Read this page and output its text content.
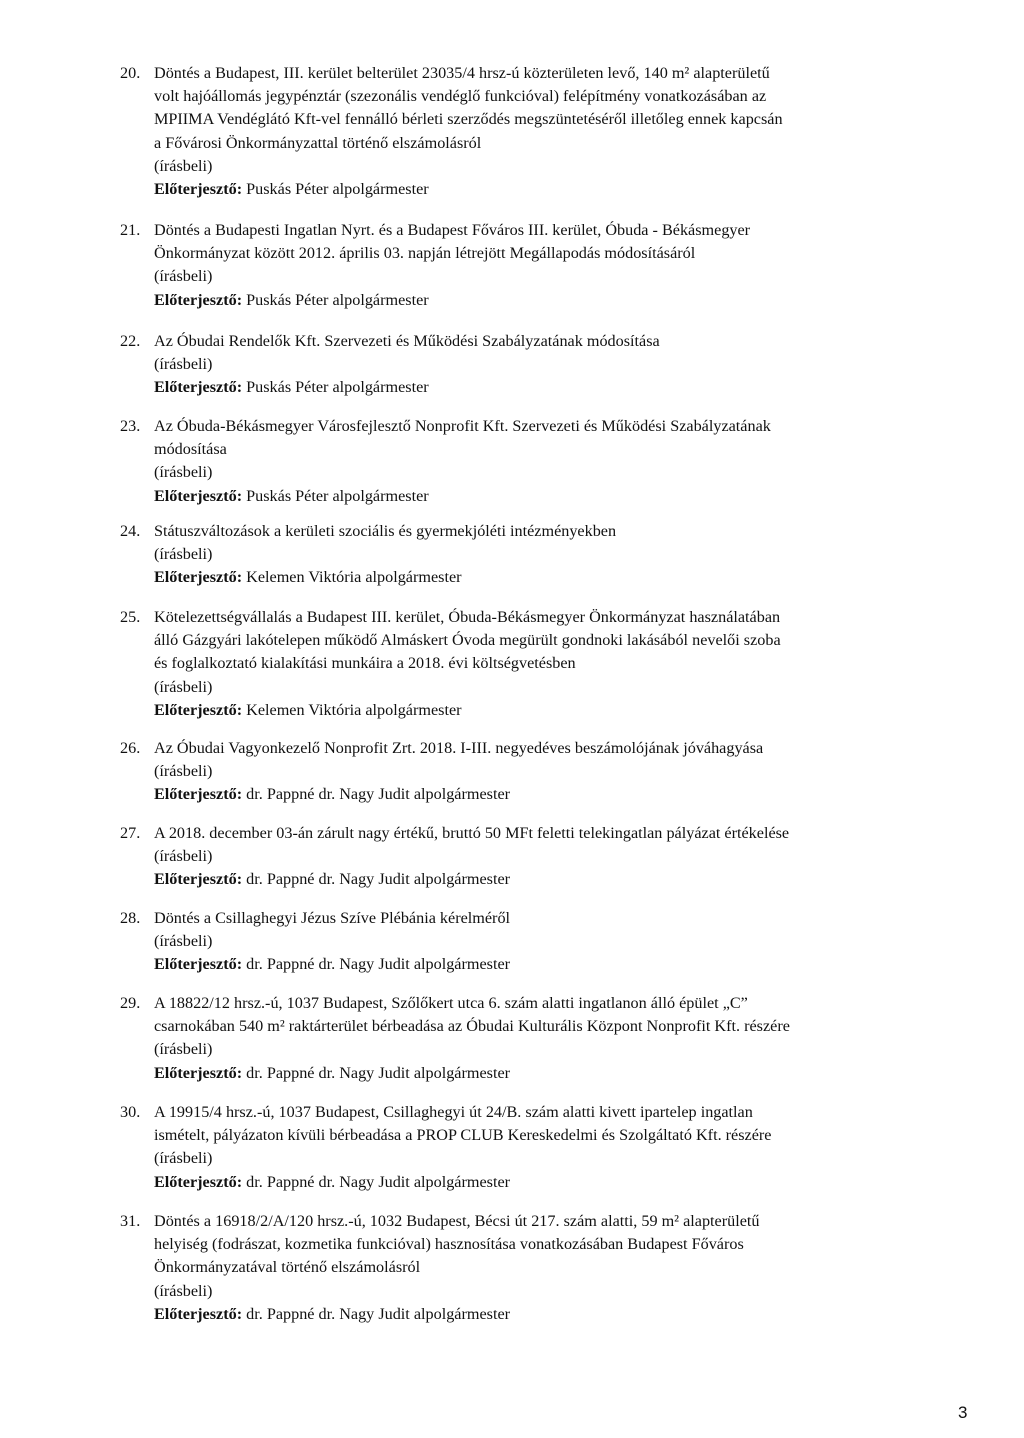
20. Döntés a Budapest, III. kerület belterület 23035/4 hrsz-ú közterületen levő, 140 m² alapterületű
volt hajóállomás jegypénztár (szezonális vendéglő funkcióval) felépítmény vonatkozásában az
MPIIMA Vendéglátó Kft-vel fennálló bérleti szerződés megszüntetéséről illetőleg ennek kapcsán
a Fővárosi Önkormányzattal történő elszámolásról
(írásbeli)
Előterjesztő: Puskás Péter alpolgármester
21. Döntés a Budapesti Ingatlan Nyrt. és a Budapest Főváros III. kerület, Óbuda - Békásmegyer
Önkormányzat között 2012. április 03. napján létrejött Megállapodás módosításáról
(írásbeli)
Előterjesztő: Puskás Péter alpolgármester
22. Az Óbudai Rendelők Kft. Szervezeti és Működési Szabályzatának módosítása
(írásbeli)
Előterjesztő: Puskás Péter alpolgármester
23. Az Óbuda-Békásmegyer Városfejlesztő Nonprofit Kft. Szervezeti és Működési Szabályzatának
módosítása
(írásbeli)
Előterjesztő: Puskás Péter alpolgármester
24. Státuszváltozások a kerületi szociális és gyermekjóléti intézményekben
(írásbeli)
Előterjesztő: Kelemen Viktória alpolgármester
25. Kötelezettségvállalás a Budapest III. kerület, Óbuda-Békásmegyer Önkormányzat használatában
álló Gázgyári lakótelepen működő Almáskert Óvoda megürült gondnoki lakásából nevelői szoba
és foglalkoztató kialakítási munkáira a 2018. évi költségvetésben
(írásbeli)
Előterjesztő: Kelemen Viktória alpolgármester
26. Az Óbudai Vagyonkezelő Nonprofit Zrt. 2018. I-III. negyedéves beszámolójának jóváhagyása
(írásbeli)
Előterjesztő: dr. Pappné dr. Nagy Judit alpolgármester
27. A 2018. december 03-án zárult nagy értékű, bruttó 50 MFt feletti telekingatlan pályázat értékelése
(írásbeli)
Előterjesztő: dr. Pappné dr. Nagy Judit alpolgármester
28. Döntés a Csillaghegyi Jézus Szíve Plébánia kérelméről
(írásbeli)
Előterjesztő: dr. Pappné dr. Nagy Judit alpolgármester
29. A 18822/12 hrsz.-ú, 1037 Budapest, Szőlőkert utca 6. szám alatti ingatlanon álló épület „C”
csarnokában 540 m² raktárterület bérbeadása az Óbudai Kulturális Központ Nonprofit Kft. részére
(írásbeli)
Előterjesztő: dr. Pappné dr. Nagy Judit alpolgármester
30. A 19915/4 hrsz.-ú, 1037 Budapest, Csillaghegyi út 24/B. szám alatti kivett ipartelep ingatlan
ismételt, pályázaton kívüli bérbeadása a PROP CLUB Kereskedelmi és Szolgáltató Kft. részére
(írásbeli)
Előterjesztő: dr. Pappné dr. Nagy Judit alpolgármester
31. Döntés a 16918/2/A/120 hrsz.-ú, 1032 Budapest, Bécsi út 217. szám alatti, 59 m² alapterületű
helyiség (fodrászat, kozmetika funkcióval) hasznosítása vonatkozásában Budapest Főváros
Önkormányzatával történő elszámolásról
(írásbeli)
Előterjesztő: dr. Pappné dr. Nagy Judit alpolgármester
3
